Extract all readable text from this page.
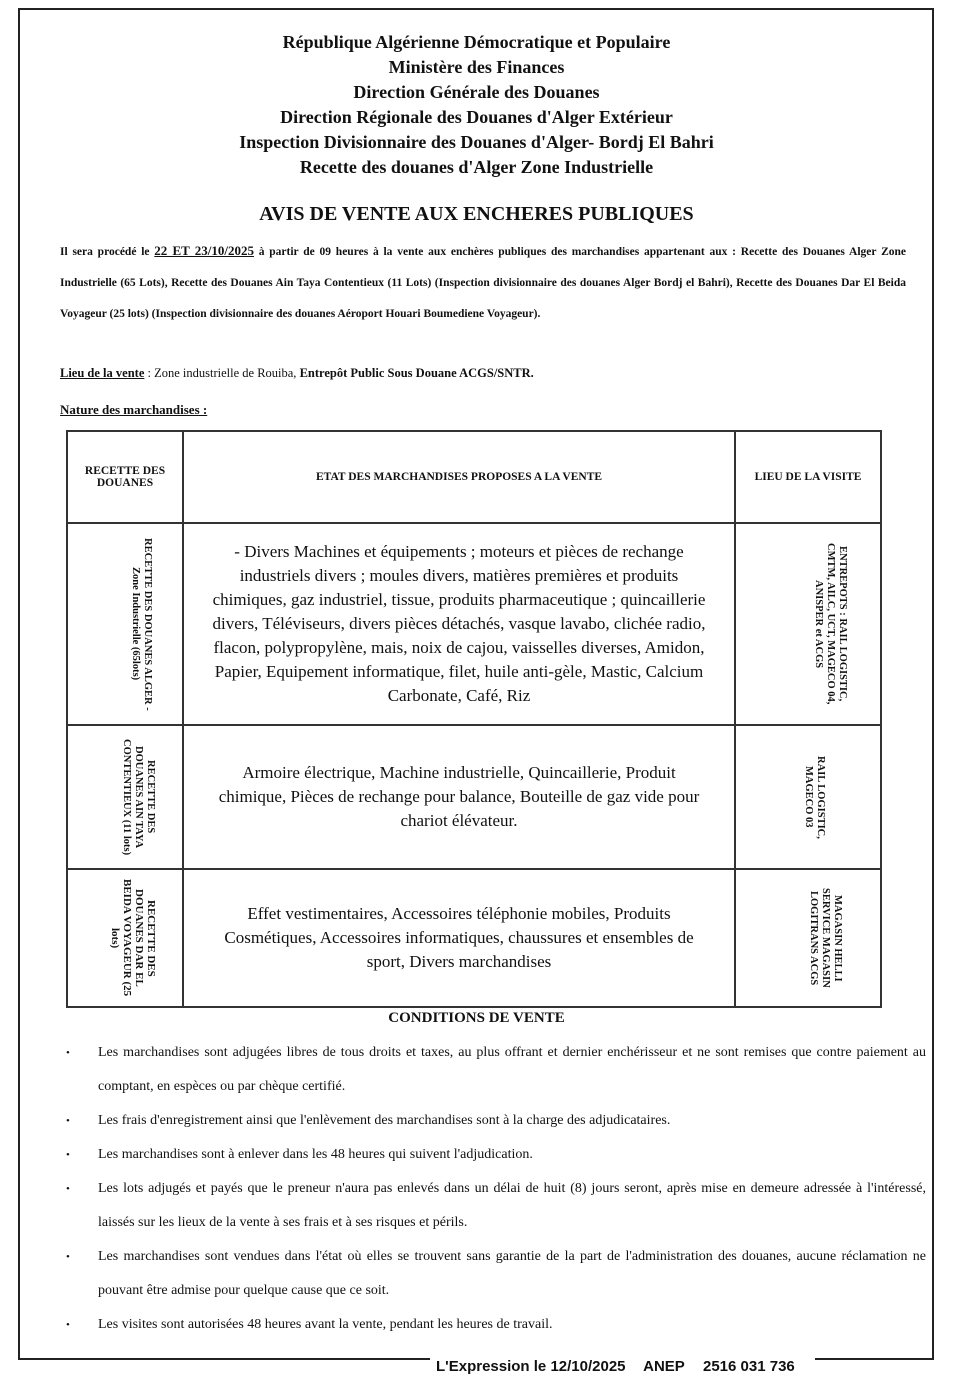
République Algérienne Démocratique et Populaire
Ministère des Finances
Direction Générale des Douanes
Direction Régionale des Douanes d'Alger Extérieur
Inspection Divisionnaire des Douanes d'Alger- Bordj El Bahri
Recette des douanes d'Alger Zone Industrielle
AVIS DE VENTE AUX ENCHERES PUBLIQUES
Il sera procédé le 22 ET 23/10/2025 à partir de 09 heures à la vente aux enchères publiques des marchandises appartenant aux : Recette des Douanes Alger Zone Industrielle (65 Lots), Recette des Douanes Ain Taya Contentieux (11 Lots) (Inspection divisionnaire des douanes Alger Bordj el Bahri), Recette des Douanes Dar El Beida Voyageur (25 lots) (Inspection divisionnaire des douanes Aéroport Houari Boumediene Voyageur).
Lieu de la vente : Zone industrielle de Rouiba, Entrepôt Public Sous Douane ACGS/SNTR.
Nature des marchandises :
RECETTE DES DOUANES	ETAT DES MARCHANDISES PROPOSES A LA VENTE	LIEU DE LA VISITE

RECETTE DES DOUANES ALGER - Zone Industrielle (65lots)	- Divers Machines et équipements ; moteurs et pièces de rechange industriels divers ; moules divers, matières premières et produits chimiques, gaz industriel, tissue, produits pharmaceutique ; quincaillerie divers, Téléviseurs, divers pièces détachés, vasque lavabo, clichée radio, flacon, polypropylène, mais, noix de cajou, vaisselles diverses, Amidon, Papier, Equipement informatique, filet, huile anti-gèle, Mastic, Calcium Carbonate, Café, Riz	ENTREPOTS : RAIL LOGISTIC, CMTM, AILC, UCT, MAGECO 04, ANISPER et ACGS

RECETTE DES DOUANES AIN TAYA CONTENTIEUX (11 lots)	Armoire électrique, Machine industrielle, Quincaillerie, Produit chimique, Pièces de rechange pour balance, Bouteille de gaz vide pour chariot élévateur.	RAIL LOGISTIC, MAGECO 03

RECETTE DES DOUANES DAR EL BEIDA VOYAGEUR (25 lots)	Effet vestimentaires, Accessoires téléphonie mobiles, Produits Cosmétiques, Accessoires informatiques, chaussures et ensembles de sport, Divers marchandises	MAGASIN HELLI SERVICE MAGASIN LOGITRANS ACGS

CONDITIONS DE VENTE
• Les marchandises sont adjugées libres de tous droits et taxes, au plus offrant et dernier enchérisseur et ne sont remises que contre paiement au comptant, en espèces ou par chèque certifié.
• Les frais d'enregistrement ainsi que l'enlèvement des marchandises sont à la charge des adjudicataires.
• Les marchandises sont à enlever dans les 48 heures qui suivent l'adjudication.
• Les lots adjugés et payés que le preneur n'aura pas enlevés dans un délai de huit (8) jours seront, après mise en demeure adressée à l'intéressé, laissés sur les lieux de la vente à ses frais et à ses risques et périls.
• Les marchandises sont vendues dans l'état où elles se trouvent sans garantie de la part de l'administration des douanes, aucune réclamation ne pouvant être admise pour quelque cause que ce soit.
• Les visites sont autorisées 48 heures avant la vente, pendant les heures de travail.
L'Expression le 12/10/2025 ANEP 2516 031 736
